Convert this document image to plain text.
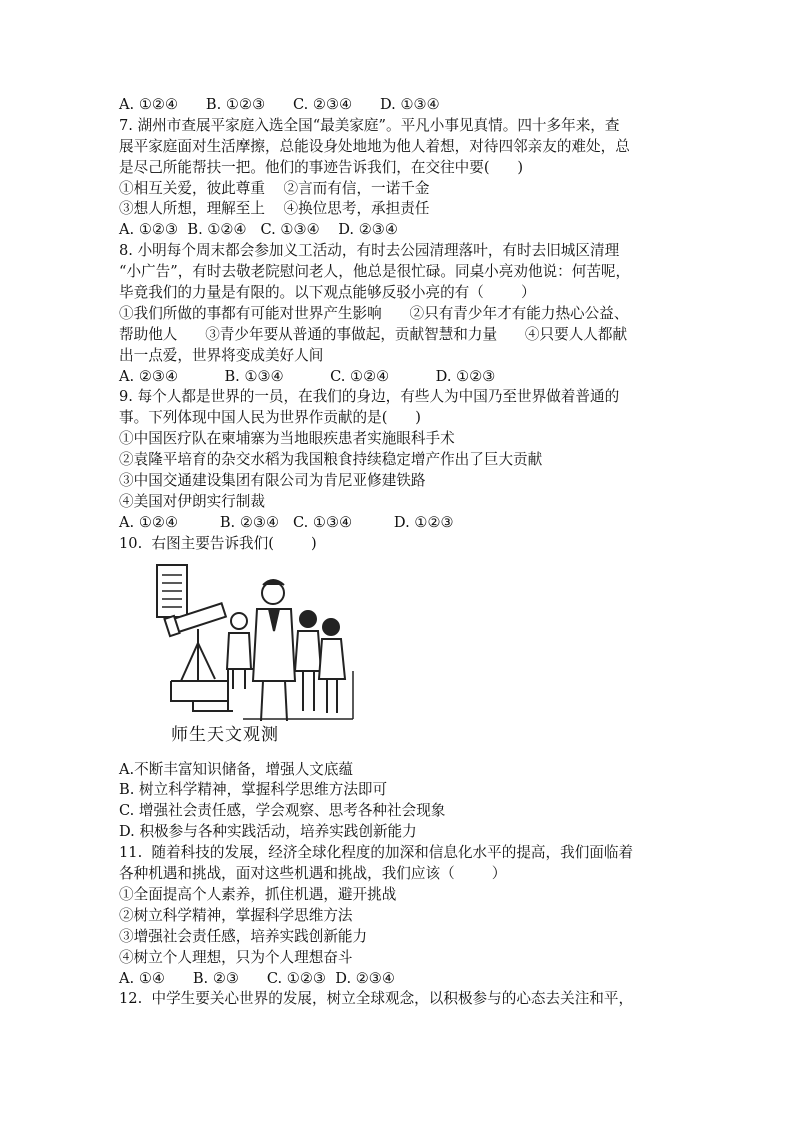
A. ①②④      B. ①②③      C. ②③④      D. ①③④
7. 湖州市查展平家庭入选全国“最美家庭”。平凡小事见真情。四十多年来，查
展平家庭面对生活摩擦，总能设身处地地为他人着想，对待四邻亲友的难处，总
是尽己所能帮扶一把。他们的事迹告诉我们，在交往中要(      )
①相互关爱，彼此尊重    ②言而有信，一诺千金
③想人所想，理解至上    ④换位思考，承担责任
A. ①②③  B. ①②④   C. ①③④    D. ②③④
8. 小明每个周末都会参加义工活动，有时去公园清理落叶，有时去旧城区清理
“小广告”，有时去敬老院慰问老人，他总是很忙碌。同桌小亮劝他说：何苦呢，
毕竟我们的力量是有限的。以下观点能够反驳小亮的有（        ）
①我们所做的事都有可能对世界产生影响      ②只有青少年才有能力热心公益、
帮助他人      ③青少年要从普通的事做起，贡献智慧和力量      ④只要人人都献
出一点爱，世界将变成美好人间
A. ②③④          B. ①③④          C. ①②④          D. ①②③
9. 每个人都是世界的一员，在我们的身边，有些人为中国乃至世界做着普通的
事。下列体现中国人民为世界作贡献的是(      )
①中国医疗队在柬埔寨为当地眼疾患者实施眼科手术
②袁隆平培育的杂交水稻为我国粮食持续稳定增产作出了巨大贡献
③中国交通建设集团有限公司为肯尼亚修建铁路
④美国对伊朗实行制裁
A. ①②④         B. ②③④   C. ①③④         D. ①②③
10.  右图主要告诉我们(        )
师生天文观测
A.不断丰富知识储备，增强人文底蕴
B. 树立科学精神，掌握科学思维方法即可
C. 增强社会责任感，学会观察、思考各种社会现象
D. 积极参与各种实践活动，培养实践创新能力
11.  随着科技的发展，经济全球化程度的加深和信息化水平的提高，我们面临着
各种机遇和挑战，面对这些机遇和挑战，我们应该（        ）
①全面提高个人素养，抓住机遇，避开挑战
②树立科学精神，掌握科学思维方法
③增强社会责任感，培养实践创新能力
④树立个人理想，只为个人理想奋斗
A. ①④      B. ②③      C. ①②③  D. ②③④
12.  中学生要关心世界的发展，树立全球观念，以积极参与的心态去关注和平，
